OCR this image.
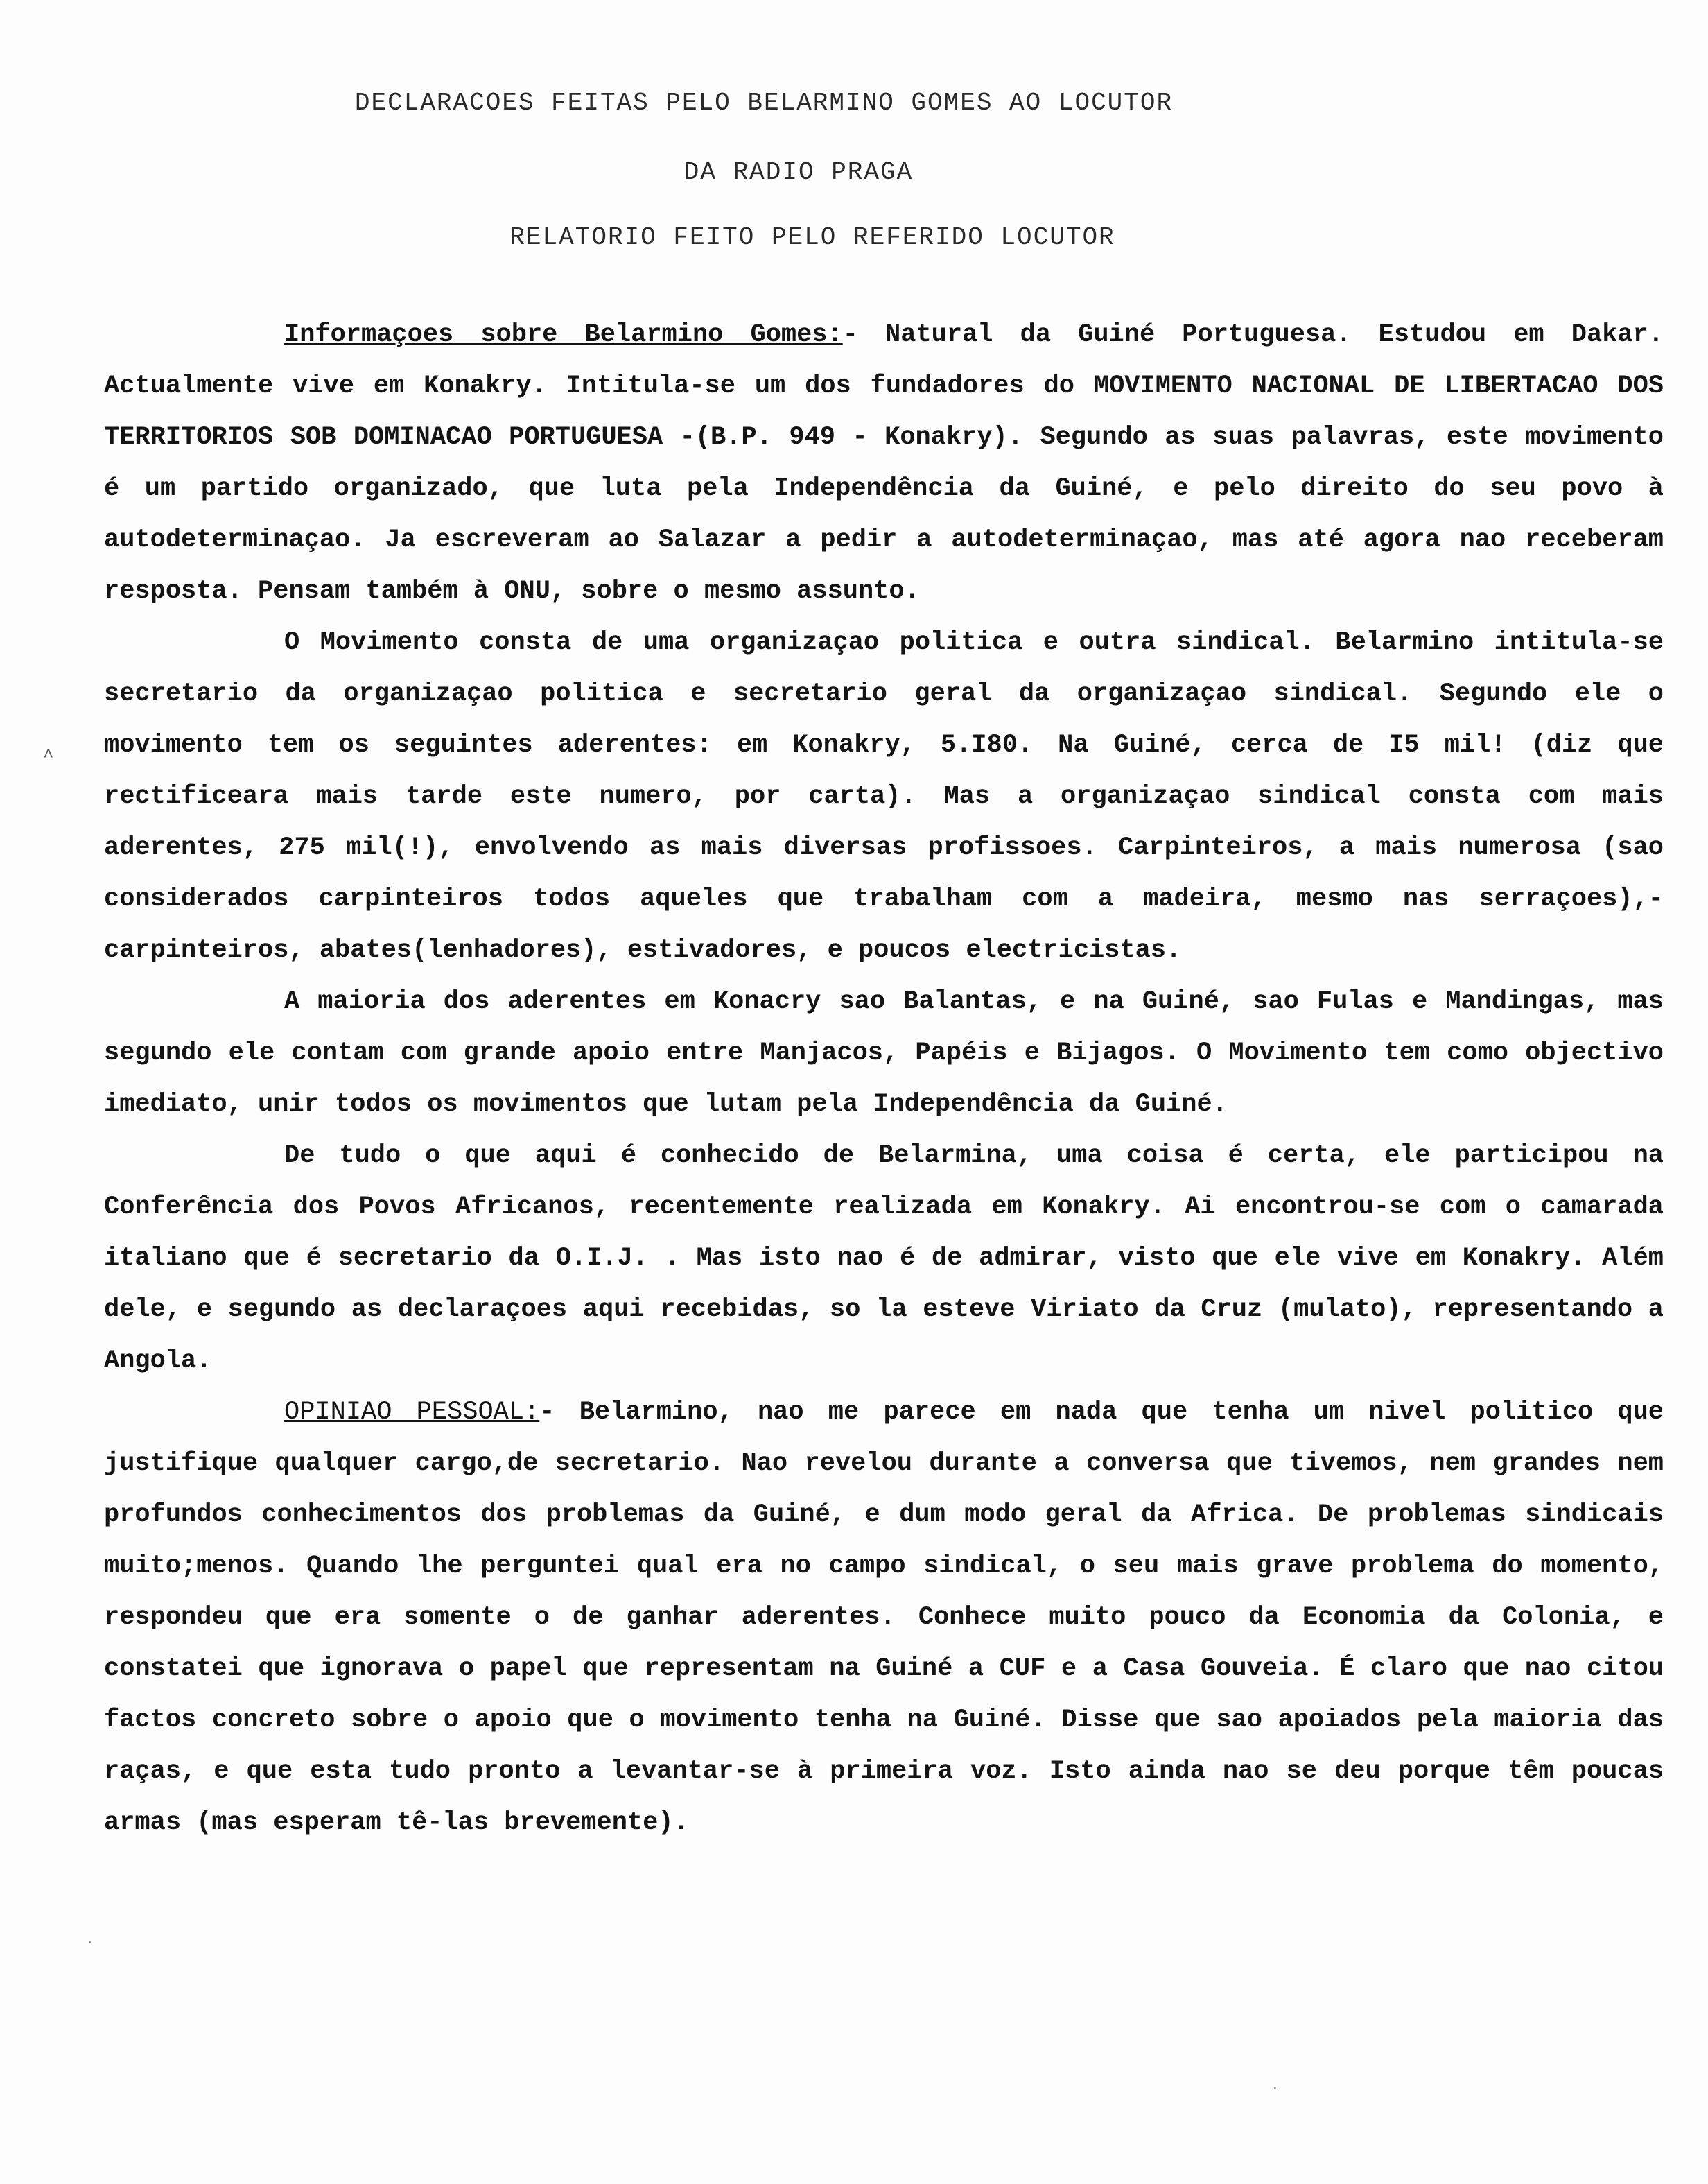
DECLARACOES FEITAS PELO BELARMINO GOMES AO LOCUTOR
DA RADIO PRAGA
RELATORIO FEITO PELO REFERIDO LOCUTOR
^

Informaçoes sobre Belarmino Gomes:- Natural da Guiné Portuguesa. Estudou em Dakar. Actualmente vive em Konakry. Intitula-se um dos fundadores do MOVIMENTO NACIONAL DE LIBERTACAO DOS TERRITORIOS SOB DOMINACAO PORTUGUESA -(B.P. 949 - Konakry). Segundo as suas palavras, este movimento é um partido organizado, que luta pela Independência da Guiné, e pelo direito do seu povo à autodeterminaçao. Ja escreveram ao Salazar a pedir a autodeterminaçao, mas até agora nao receberam resposta. Pensam também à ONU, sobre o mesmo assunto.

O Movimento consta de uma organizaçao politica e outra sindical. Belarmino intitula-se secretario da organizaçao politica e secretario geral da organizaçao sindical. Segundo ele o movimento tem os seguintes aderentes: em Konakry, 5.I80. Na Guiné, cerca de I5 mil! (diz que rectificeara mais tarde este numero, por carta). Mas a organizaçao sindical consta com mais aderentes, 275 mil(!), envolvendo as mais diversas profissoes. Carpinteiros, a mais numerosa (sao considerados carpinteiros todos aqueles que trabalham com a madeira, mesmo nas serraçoes),- carpinteiros, abates(lenhadores), estivadores, e poucos electricistas.

A maioria dos aderentes em Konacry sao Balantas, e na Guiné, sao Fulas e Mandingas, mas segundo ele contam com grande apoio entre Manjacos, Papéis e Bijagos. O Movimento tem como objectivo imediato, unir todos os movimentos que lutam pela Independência da Guiné.

De tudo o que aqui é conhecido de Belarmina, uma coisa é certa, ele participou na Conferência dos Povos Africanos, recentemente realizada em Konakry. Ai encontrou-se com o camarada italiano que é secretario da O.I.J. . Mas isto nao é de admirar, visto que ele vive em Konakry. Além dele, e segundo as declaraçoes aqui recebidas, so la esteve Viriato da Cruz (mulato), representando a Angola.

OPINIAO PESSOAL:- Belarmino, nao me parece em nada que tenha um nivel politico que justifique qualquer cargo,de secretario. Nao revelou durante a conversa que tivemos, nem grandes nem profundos conhecimentos dos problemas da Guiné, e dum modo geral da Africa. De problemas sindicais muito;menos. Quando lhe perguntei qual era no campo sindical, o seu mais grave problema do momento, respondeu que era somente o de ganhar aderentes. Conhece muito pouco da Economia da Colonia, e constatei que ignorava o papel que representam na Guiné a CUF e a Casa Gouveia. É claro que nao citou factos concreto sobre o apoio que o movimento tenha na Guiné. Disse que sao apoiados pela maioria das raças, e que esta tudo pronto a levantar-se à primeira voz. Isto ainda nao se deu porque têm poucas armas (mas esperam tê-las brevemente).
